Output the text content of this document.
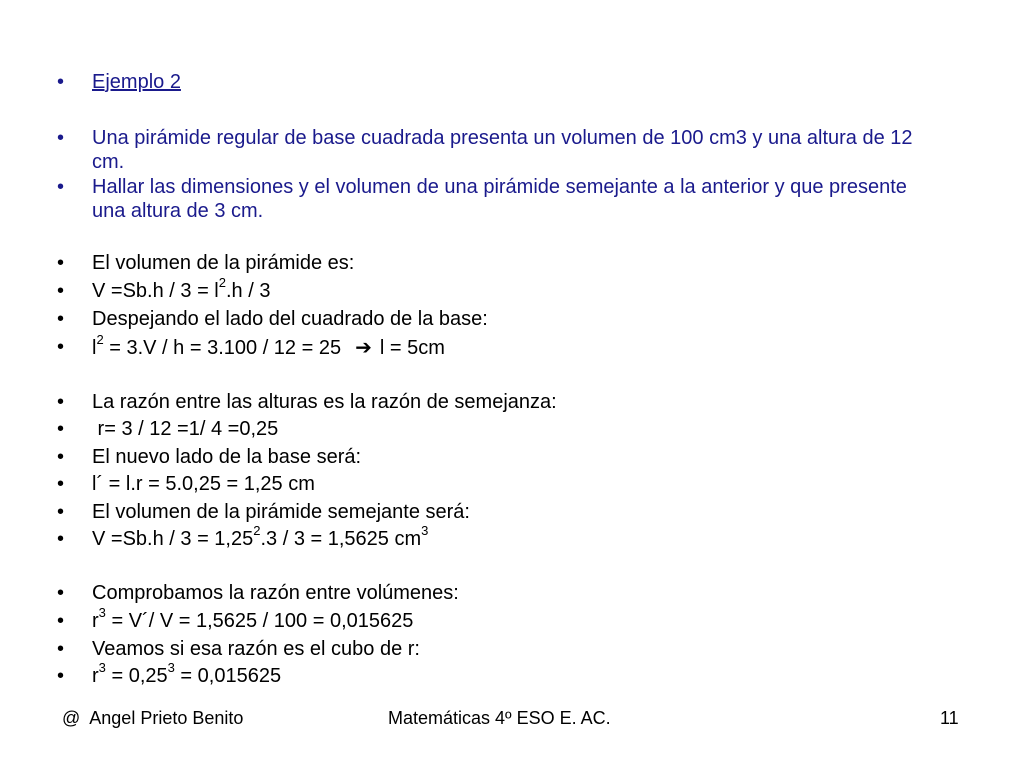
• Ejemplo 2
• Una pirámide regular de base cuadrada presenta un volumen de 100 cm3 y una altura de 12 cm.
• Hallar las dimensiones y el volumen de una pirámide semejante a la anterior y que presente una altura de 3 cm.
• El volumen de la pirámide es:
• $V =Sb.h / 3 = l^2.h / 3$
• Despejando el lado del cuadrado de la base:
• $l^2 = 3.V / h = 3.100 / 12 = 25$ ➔ l = 5cm
• La razón entre las alturas es la razón de semejanza:
• r= 3 / 12 =1/ 4 =0,25
• El nuevo lado de la base será:
• l´ = l.r = 5.0,25 = 1,25 cm
• El volumen de la pirámide semejante será:
• $V =Sb.h / 3 = 1,25^2.3 / 3 = 1,5625$ $cm^3$
• Comprobamos la razón entre volúmenes:
• $r^3$ = V´/ V = 1,5625 / 100 = 0,015625
• Veamos si esa razón es el cubo de r:
• $r^3 = 0,25^3 = 0,015625$
@  Angel Prieto Benito	Matemáticas 4º ESO E. AC.	11
